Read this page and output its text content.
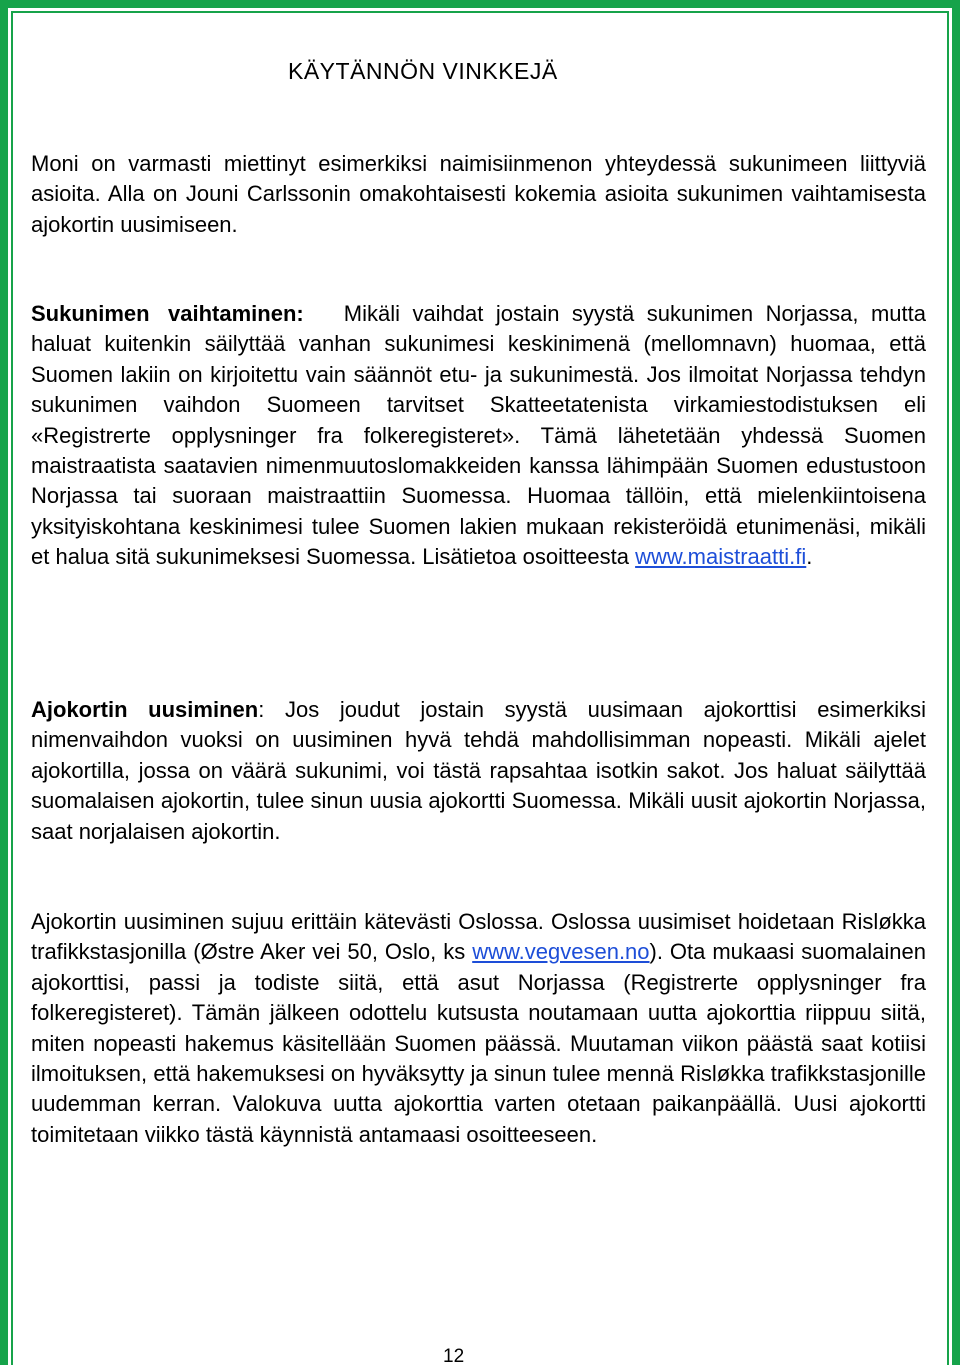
KÄYTÄNNÖN VINKKEJÄ

Moni on varmasti miettinyt esimerkiksi naimisiinmenon yhteydessä sukunimeen liittyviä asioita. Alla on Jouni Carlssonin omakohtaisesti kokemia asioita sukunimen vaihtamisesta ajokortin uusimiseen.

Sukunimen vaihtaminen: Mikäli vaihdat jostain syystä sukunimen Norjassa, mutta haluat kuitenkin säilyttää vanhan sukunimesi keskinimenä (mellomnavn) huomaa, että Suomen lakiin on kirjoitettu vain säännöt etu- ja sukunimestä. Jos ilmoitat Norjassa tehdyn sukunimen vaihdon Suomeen tarvitset Skatteetatenista virkamiestodistuksen eli «Registrerte opplysninger fra folkeregisteret». Tämä lähetetään yhdessä Suomen maistraatista saatavien nimenmuutoslomakkeiden kanssa lähimpään Suomen edustustoon Norjassa tai suoraan maistraattiin Suomessa. Huomaa tällöin, että mielenkiintoisena yksityiskohtana keskinimesi tulee Suomen lakien mukaan rekisteröidä etunimenäsi, mikäli et halua sitä sukunimeksesi Suomessa. Lisätietoa osoitteesta www.maistraatti.fi.

Ajokortin uusiminen: Jos joudut jostain syystä uusimaan ajokorttisi esimerkiksi nimenvaihdon vuoksi on uusiminen hyvä tehdä mahdollisimman nopeasti. Mikäli ajelet ajokortilla, jossa on väärä sukunimi, voi tästä rapsahtaa isotkin sakot. Jos haluat säilyttää suomalaisen ajokortin, tulee sinun uusia ajokortti Suomessa. Mikäli uusit ajokortin Norjassa, saat norjalaisen ajokortin.

Ajokortin uusiminen sujuu erittäin kätevästi Oslossa. Oslossa uusimiset hoidetaan Risløkka trafikkstasjonilla (Østre Aker vei 50, Oslo, ks www.vegvesen.no). Ota mukaasi suomalainen ajokorttisi, passi ja todiste siitä, että asut Norjassa (Registrerte opplysninger fra folkeregisteret). Tämän jälkeen odottelu kutsusta noutamaan uutta ajokorttia riippuu siitä, miten nopeasti hakemus käsitellään Suomen päässä. Muutaman viikon päästä saat kotiisi ilmoituksen, että hakemuksesi on hyväksytty ja sinun tulee mennä Risløkka trafikkstasjonille uudemman kerran. Valokuva uutta ajokorttia varten otetaan paikanpäällä. Uusi ajokortti toimitetaan viikko tästä käynnistä antamaasi osoitteeseen.

12
